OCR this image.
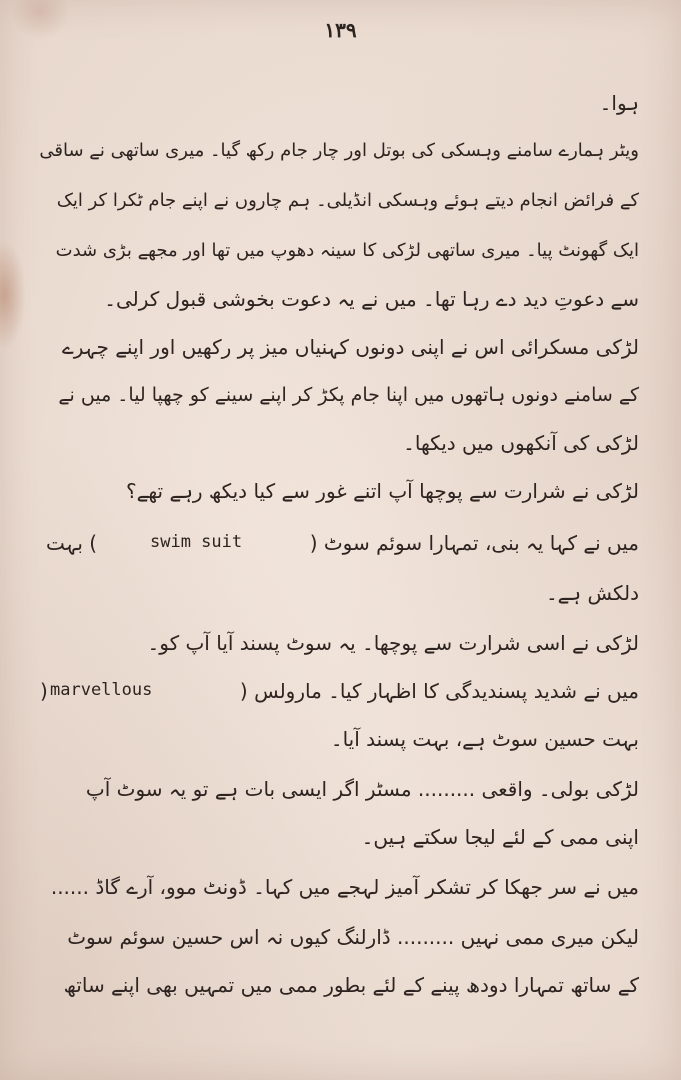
۱۳۹
ہوا۔
ویٹر ہمارے سامنے وہسکی کی بوتل اور چار جام رکھ گیا۔ میری ساتھی نے ساقی
کے فرائض انجام دیتے ہوئے وہسکی انڈیلی۔ ہم چاروں نے اپنے جام ٹکرا کر ایک
ایک گھونٹ پیا۔ میری ساتھی لڑکی کا سینہ دھوپ میں تھا اور مجھے بڑی شدت
سے دعوتِ دید دے رہا تھا۔ میں نے یہ دعوت بخوشی قبول کرلی۔
لڑکی مسکرائی اس نے اپنی دونوں کہنیاں میز پر رکھیں اور اپنے چہرے
کے سامنے دونوں ہاتھوں میں اپنا جام پکڑ کر اپنے سینے کو چھپا لیا۔ میں نے
لڑکی کی آنکھوں میں دیکھا۔
لڑکی نے شرارت سے پوچھا آپ اتنے غور سے کیا دیکھ رہے تھے؟
میں نے کہا یہ بنی، تمہارا سوئم سوٹ (
swim suit
) بہت
دلکش ہے۔
لڑکی نے اسی شرارت سے پوچھا۔ یہ سوٹ پسند آیا آپ کو۔
میں نے شدید پسندیدگی کا اظہار کیا۔ مارولس (
marvellous
)
بہت حسین سوٹ ہے، بہت پسند آیا۔
لڑکی بولی۔ واقعی ......... مسٹر اگر ایسی بات ہے تو یہ سوٹ آپ
اپنی ممی کے لئے لیجا سکتے ہیں۔
میں نے سر جھکا کر تشکر آمیز لہجے میں کہا۔ ڈونٹ موو، آرے گاڈ ......
لیکن میری ممی نہیں ......... ڈارلنگ کیوں نہ اس حسین سوئم سوٹ
کے ساتھ تمہارا دودھ پینے کے لئے بطور ممی میں تمہیں بھی اپنے ساتھ
